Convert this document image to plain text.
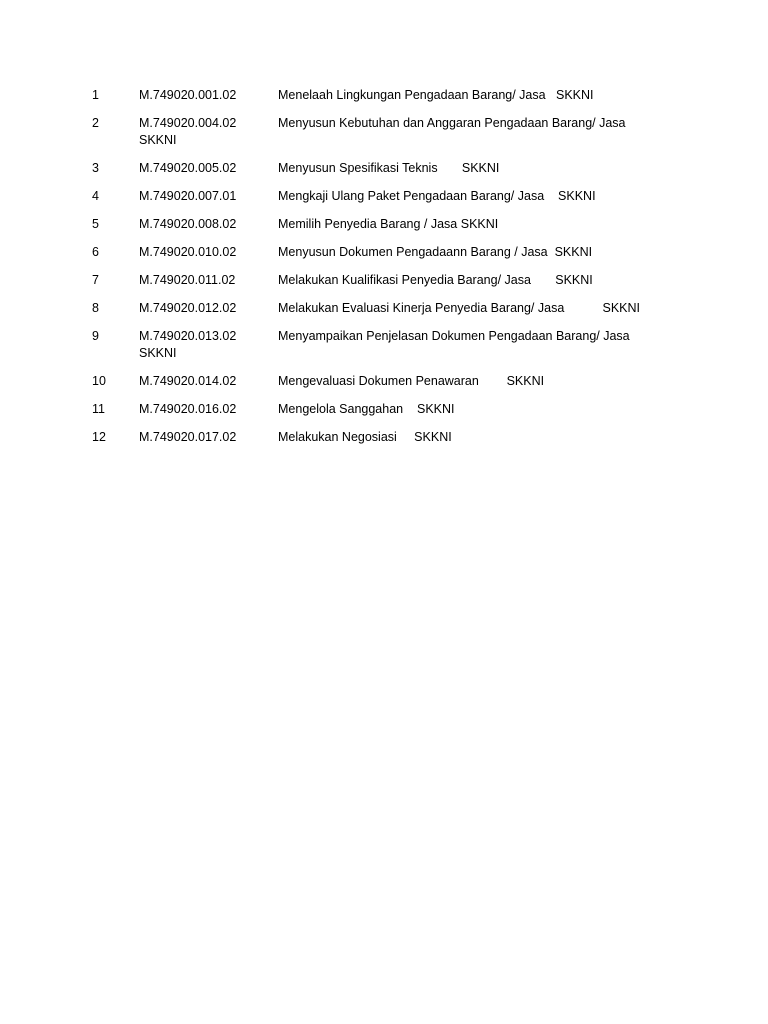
1	M.749020.001.02	Menelaah Lingkungan Pengadaan Barang/ Jasa   SKKNI
2	M.749020.004.02	Menyusun Kebutuhan dan Anggaran Pengadaan Barang/ Jasa
SKKNI
3	M.749020.005.02	Menyusun Spesifikasi Teknis       SKKNI
4	M.749020.007.01	Mengkaji Ulang Paket Pengadaan Barang/ Jasa    SKKNI
5	M.749020.008.02	Memilih Penyedia Barang / Jasa SKKNI
6	M.749020.010.02	Menyusun Dokumen Pengadaann Barang / Jasa  SKKNI
7	M.749020.011.02	Melakukan Kualifikasi Penyedia Barang/ Jasa       SKKNI
8	M.749020.012.02	Melakukan Evaluasi Kinerja Penyedia Barang/ Jasa           SKKNI
9	M.749020.013.02	Menyampaikan Penjelasan Dokumen Pengadaan Barang/ Jasa
SKKNI
10	M.749020.014.02	Mengevaluasi Dokumen Penawaran        SKKNI
11	M.749020.016.02	Mengelola Sanggahan    SKKNI
12	M.749020.017.02	Melakukan Negosiasi     SKKNI
